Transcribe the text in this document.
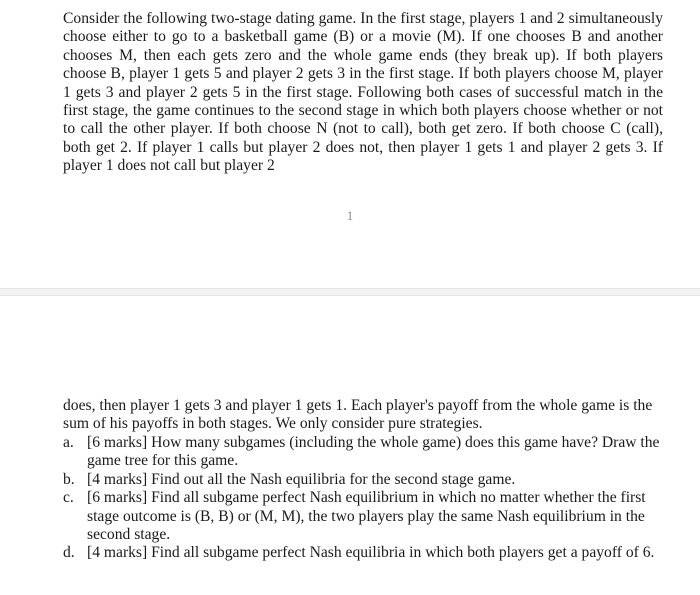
Consider the following two-stage dating game. In the first stage, players 1 and 2 simultaneously choose either to go to a basketball game (B) or a movie (M). If one chooses B and another chooses M, then each gets zero and the whole game ends (they break up). If both players choose B, player 1 gets 5 and player 2 gets 3 in the first stage. If both players choose M, player 1 gets 3 and player 2 gets 5 in the first stage. Following both cases of successful match in the first stage, the game continues to the second stage in which both players choose whether or not to call the other player. If both choose N (not to call), both get zero. If both choose C (call), both get 2. If player 1 calls but player 2 does not, then player 1 gets 1 and player 2 gets 3. If player 1 does not call but player 2

1

does, then player 1 gets 3 and player 1 gets 1. Each player's payoff from the whole game is the sum of his payoffs in both stages. We only consider pure strategies.

a. [6 marks] How many subgames (including the whole game) does this game have? Draw the game tree for this game.
b. [4 marks] Find out all the Nash equilibria for the second stage game.
c. [6 marks] Find all subgame perfect Nash equilibrium in which no matter whether the first stage outcome is (B, B) or (M, M), the two players play the same Nash equilibrium in the second stage.
d. [4 marks] Find all subgame perfect Nash equilibria in which both players get a payoff of 6.
